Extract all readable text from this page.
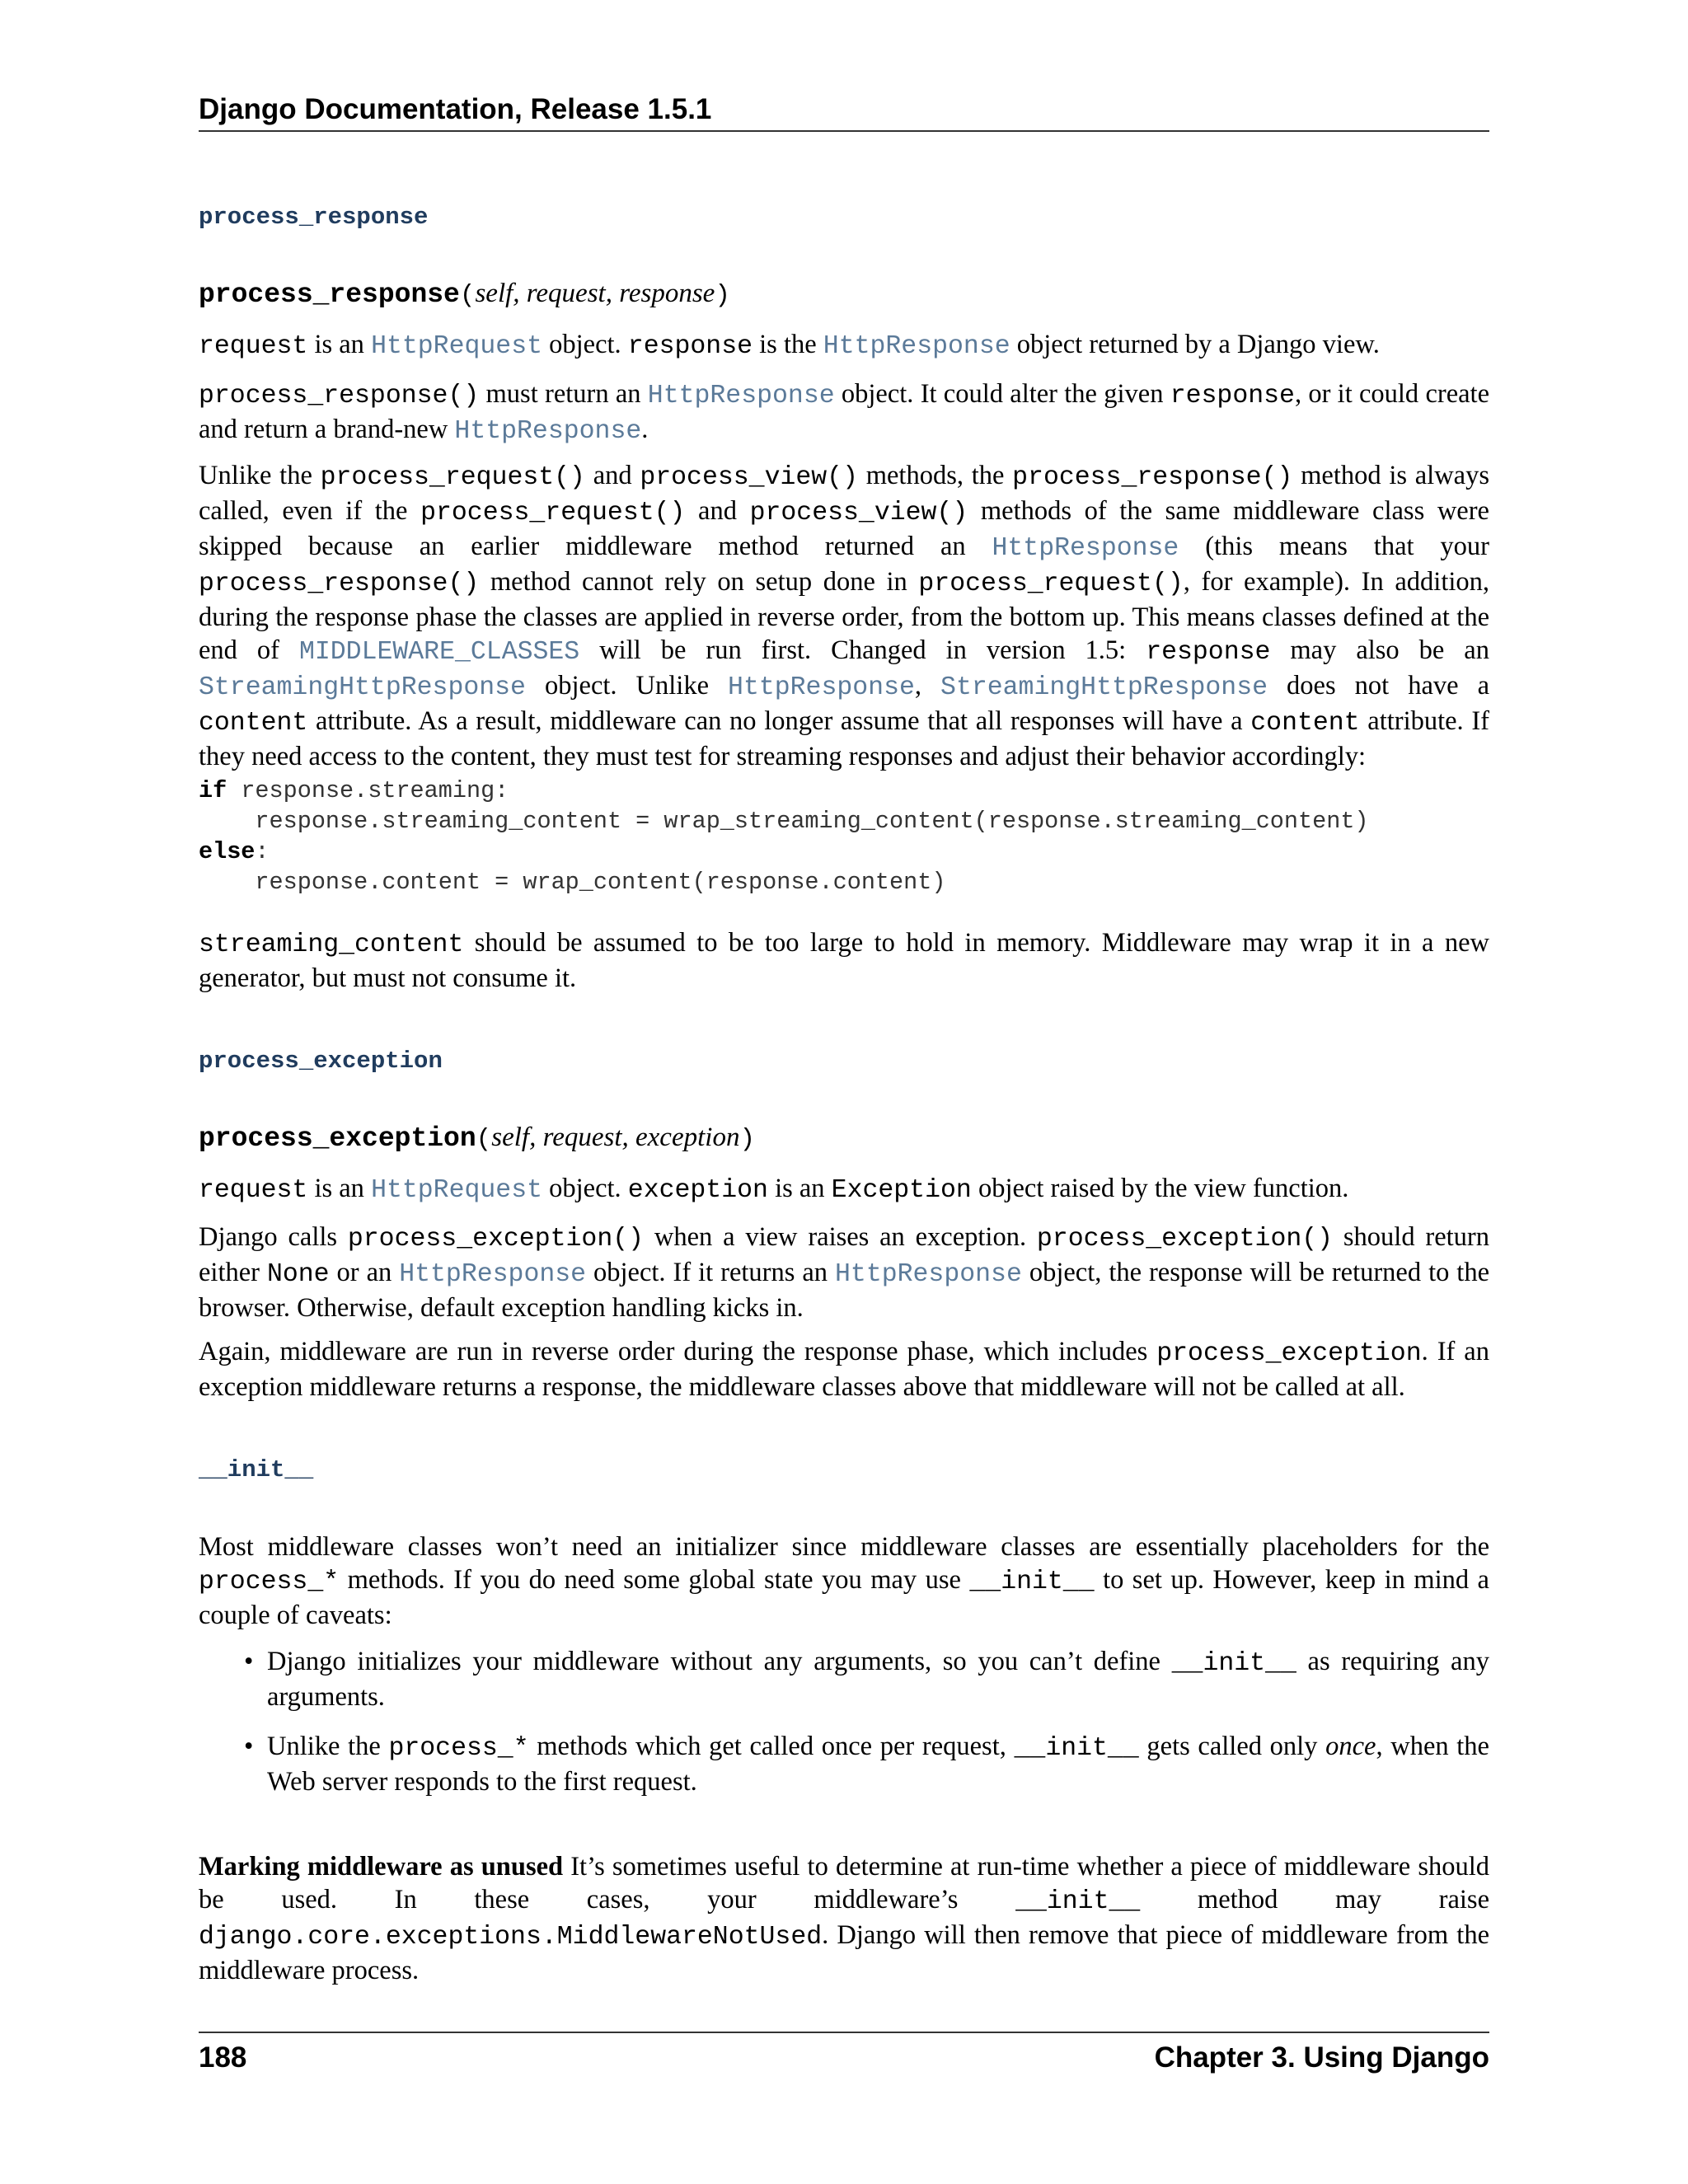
Django Documentation, Release 1.5.1
process_response
process_response(self, request, response)
request is an HttpRequest object. response is the HttpResponse object returned by a Django view.
process_response() must return an HttpResponse object. It could alter the given response, or it could create and return a brand-new HttpResponse.
Unlike the process_request() and process_view() methods, the process_response() method is always called, even if the process_request() and process_view() methods of the same middleware class were skipped because an earlier middleware method returned an HttpResponse (this means that your process_response() method cannot rely on setup done in process_request(), for example). In addition, during the response phase the classes are applied in reverse order, from the bottom up. This means classes defined at the end of MIDDLEWARE_CLASSES will be run first. Changed in version 1.5: response may also be an StreamingHttpResponse object. Unlike HttpResponse, StreamingHttpResponse does not have a content attribute. As a result, middleware can no longer assume that all responses will have a content attribute. If they need access to the content, they must test for streaming responses and adjust their behavior accordingly:
if response.streaming:
response.streaming_content = wrap_streaming_content(response.streaming_content)
else:
response.content = wrap_content(response.content)
streaming_content should be assumed to be too large to hold in memory. Middleware may wrap it in a new generator, but must not consume it.
process_exception
process_exception(self, request, exception)
request is an HttpRequest object. exception is an Exception object raised by the view function.
Django calls process_exception() when a view raises an exception. process_exception() should return either None or an HttpResponse object. If it returns an HttpResponse object, the response will be returned to the browser. Otherwise, default exception handling kicks in.
Again, middleware are run in reverse order during the response phase, which includes process_exception. If an exception middleware returns a response, the middleware classes above that middleware will not be called at all.
__init__
Most middleware classes won’t need an initializer since middleware classes are essentially placeholders for the process_* methods. If you do need some global state you may use __init__ to set up. However, keep in mind a couple of caveats:
• Django initializes your middleware without any arguments, so you can’t define __init__ as requiring any arguments.
• Unlike the process_* methods which get called once per request, __init__ gets called only once, when the Web server responds to the first request.
Marking middleware as unused It’s sometimes useful to determine at run-time whether a piece of middleware should be used. In these cases, your middleware’s __init__ method may raise django.core.exceptions.MiddlewareNotUsed. Django will then remove that piece of middleware from the middleware process.
188	Chapter 3. Using Django
